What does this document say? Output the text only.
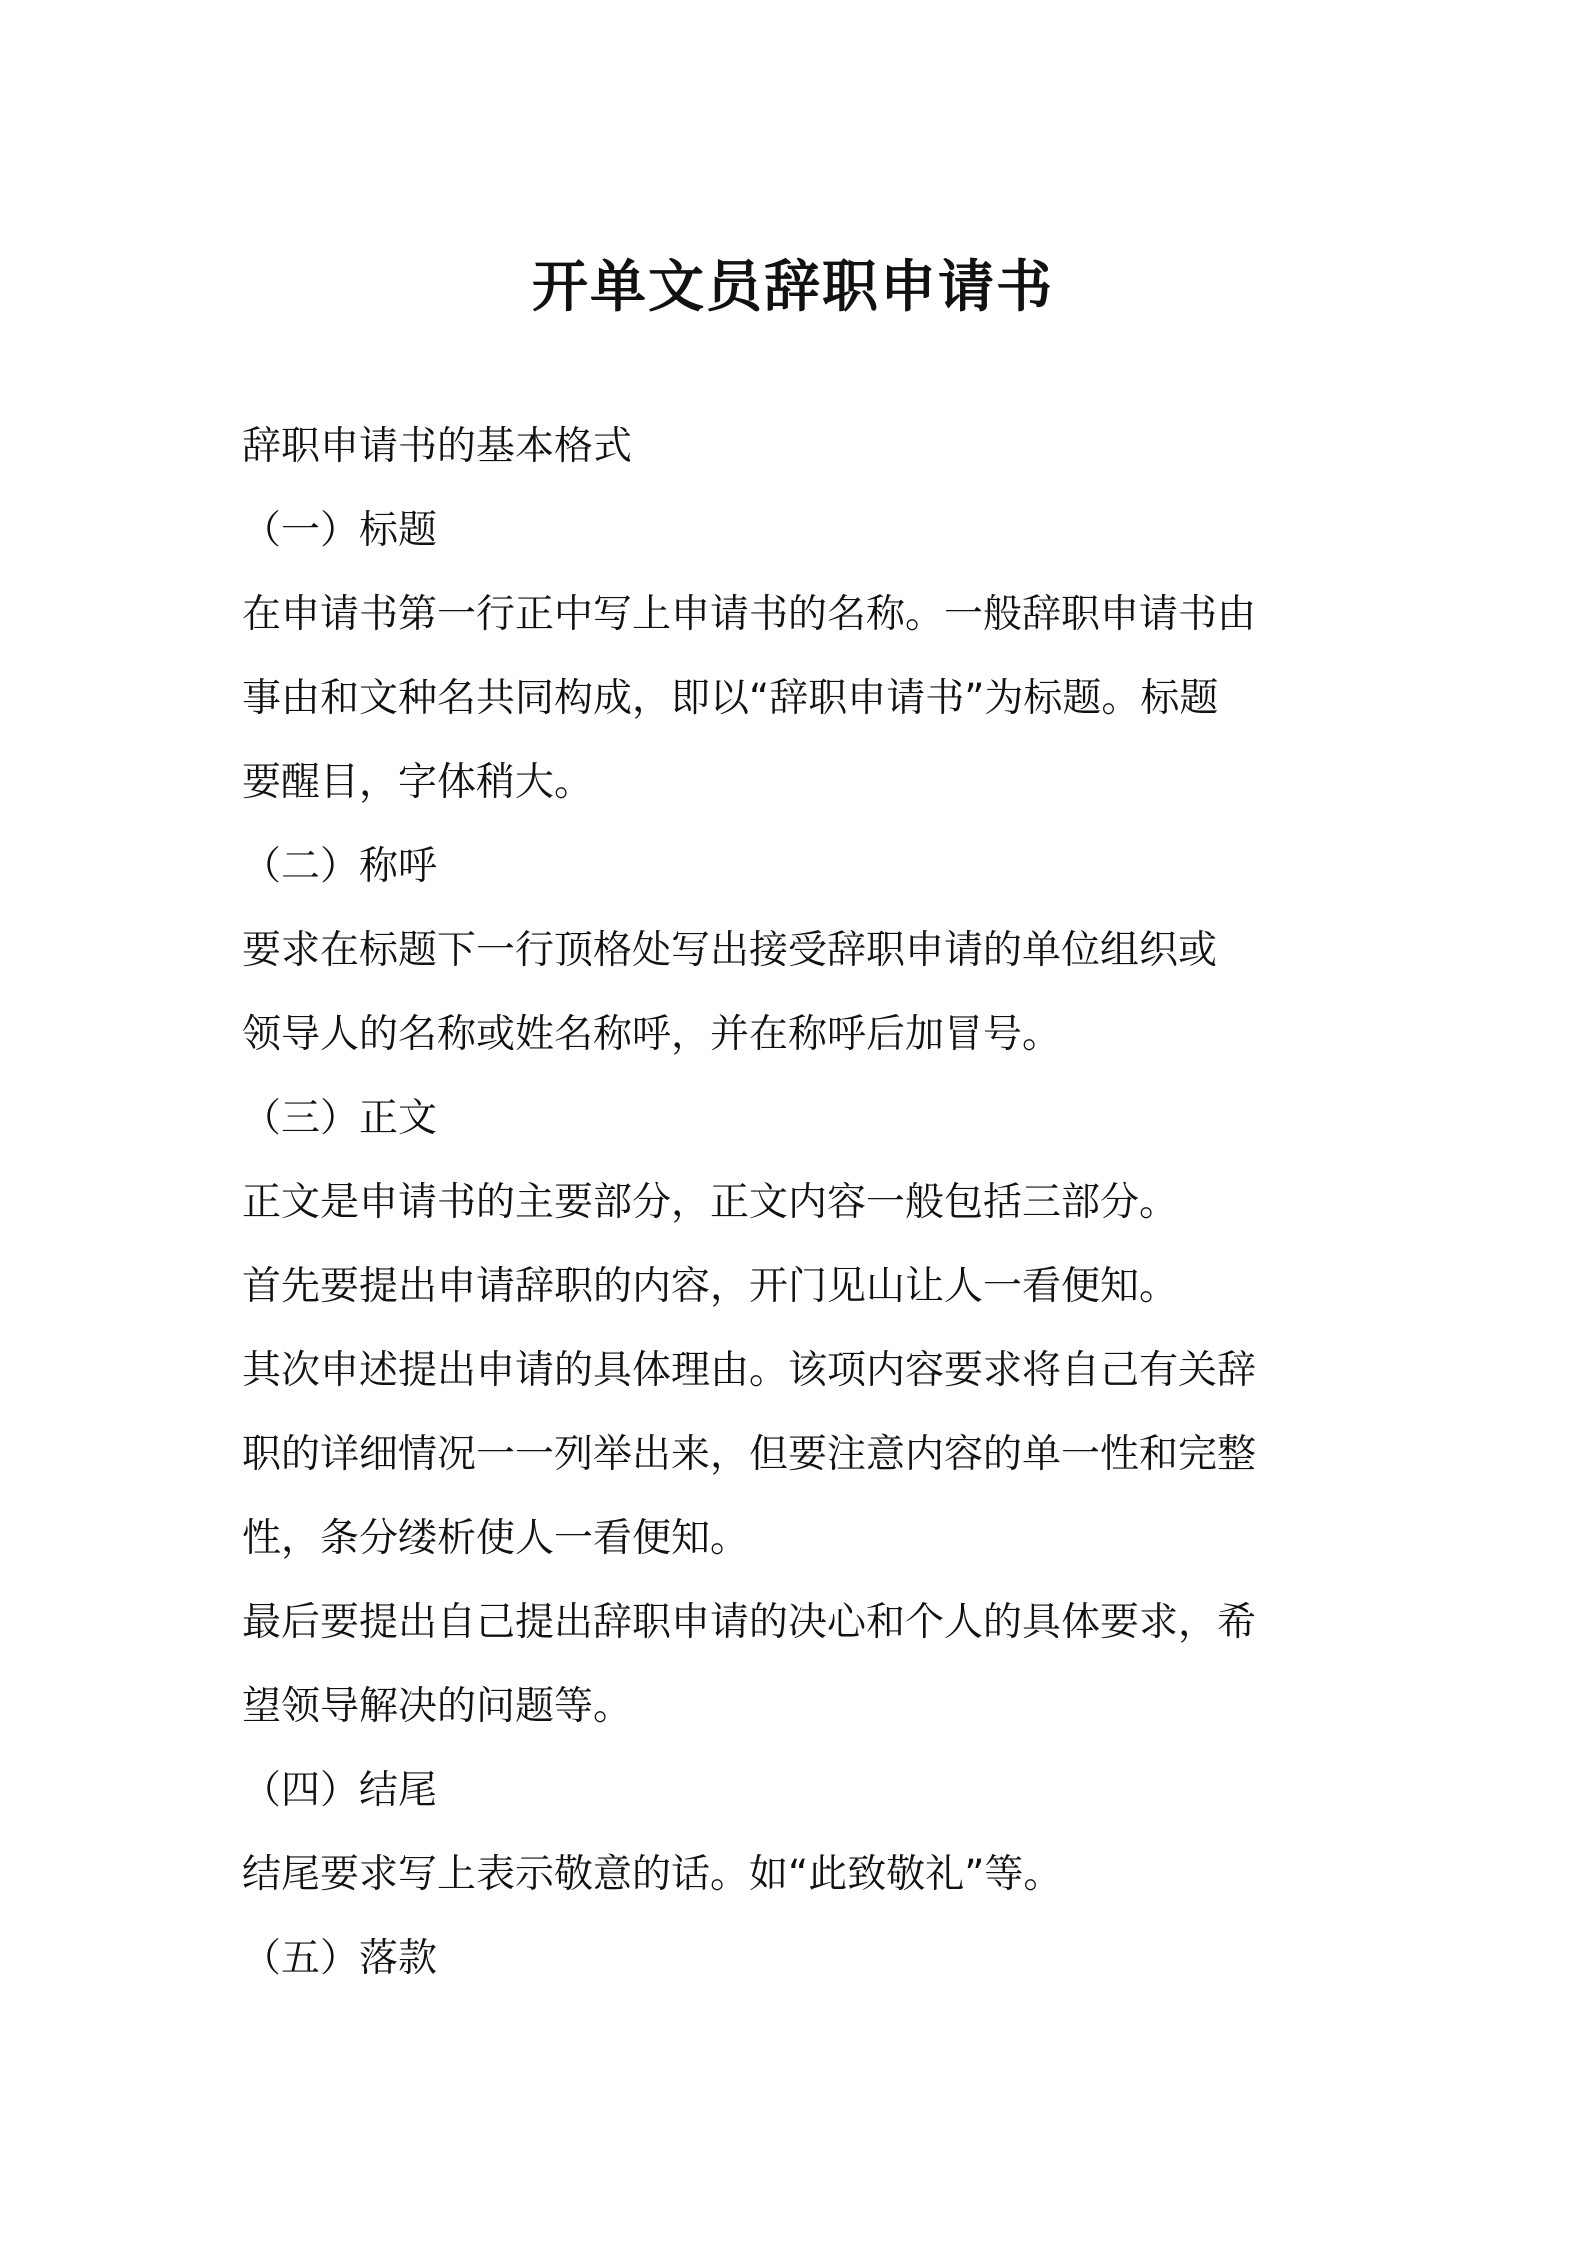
开单文员辞职申请书

辞职申请书的基本格式

（一）标题

在申请书第一行正中写上申请书的名称。一般辞职申请书由

事由和文种名共同构成，即以“辞职申请书”为标题。标题

要醒目，字体稍大。

（二）称呼

要求在标题下一行顶格处写出接受辞职申请的单位组织或

领导人的名称或姓名称呼，并在称呼后加冒号。

（三）正文

正文是申请书的主要部分，正文内容一般包括三部分。

首先要提出申请辞职的内容，开门见山让人一看便知。

其次申述提出申请的具体理由。该项内容要求将自己有关辞

职的详细情况一一列举出来，但要注意内容的单一性和完整

性，条分缕析使人一看便知。

最后要提出自己提出辞职申请的决心和个人的具体要求，希

望领导解决的问题等。

（四）结尾

结尾要求写上表示敬意的话。如“此致敬礼”等。

（五）落款
